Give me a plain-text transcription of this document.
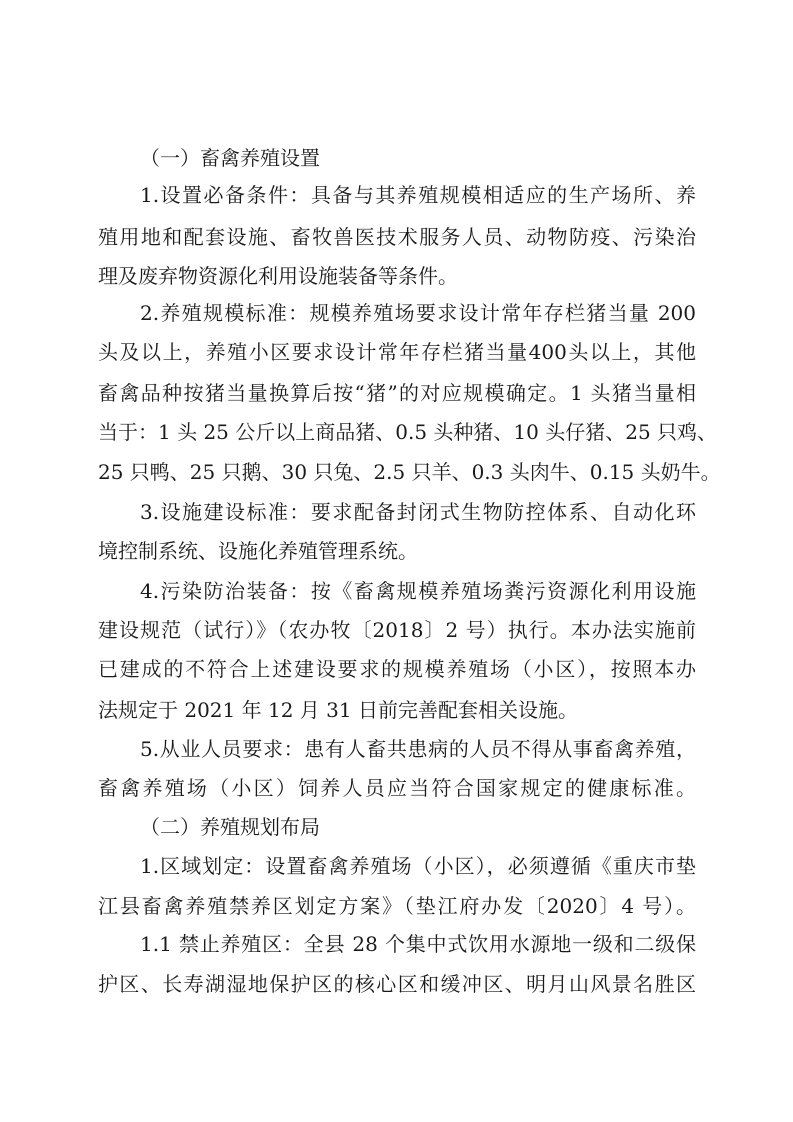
（一）畜禽养殖设置
1.设置必备条件：具备与其养殖规模相适应的生产场所、养
殖用地和配套设施、畜牧兽医技术服务人员、动物防疫、污染治
理及废弃物资源化利用设施装备等条件。
2.养殖规模标准：规模养殖场要求设计常年存栏猪当量 200
头及以上，养殖小区要求设计常年存栏猪当量400头以上，其他
畜禽品种按猪当量换算后按“猪”的对应规模确定。1 头猪当量相
当于：1 头 25 公斤以上商品猪、0.5 头种猪、10 头仔猪、25 只鸡、
25 只鸭、25 只鹅、30 只兔、2.5 只羊、0.3 头肉牛、0.15 头奶牛。
3.设施建设标准：要求配备封闭式生物防控体系、自动化环
境控制系统、设施化养殖管理系统。
4.污染防治装备：按《畜禽规模养殖场粪污资源化利用设施
建设规范（试行）》（农办牧〔2018〕2 号）执行。本办法实施前
已建成的不符合上述建设要求的规模养殖场（小区），按照本办
法规定于 2021 年 12 月 31 日前完善配套相关设施。
5.从业人员要求：患有人畜共患病的人员不得从事畜禽养殖，
畜禽养殖场（小区）饲养人员应当符合国家规定的健康标准。
（二）养殖规划布局
1.区域划定：设置畜禽养殖场（小区），必须遵循《重庆市垫
江县畜禽养殖禁养区划定方案》（垫江府办发〔2020〕4 号）。
1.1 禁止养殖区：全县 28 个集中式饮用水源地一级和二级保
护区、长寿湖湿地保护区的核心区和缓冲区、明月山风景名胜区
